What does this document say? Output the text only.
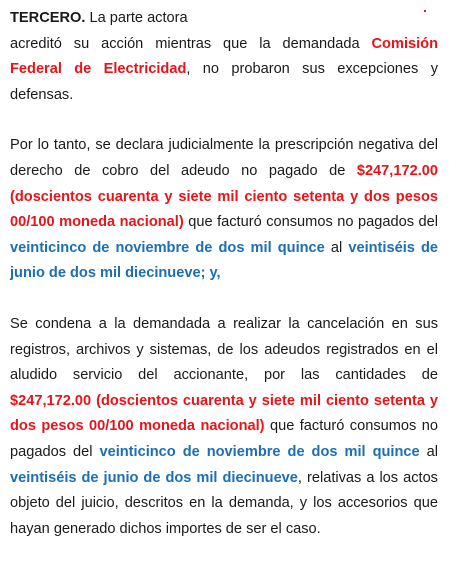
TERCERO. La parte actora
acreditó su acción mientras que la demandada Comisión Federal de Electricidad, no probaron sus excepciones y defensas.

Por lo tanto, se declara judicialmente la prescripción negativa del derecho de cobro del adeudo no pagado de $247,172.00 (doscientos cuarenta y siete mil ciento setenta y dos pesos 00/100 moneda nacional) que facturó consumos no pagados del veinticinco de noviembre de dos mil quince al veintiséis de junio de dos mil diecinueve; y,

Se condena a la demandada a realizar la cancelación en sus registros, archivos y sistemas, de los adeudos registrados en el aludido servicio del accionante, por las cantidades de $247,172.00 (doscientos cuarenta y siete mil ciento setenta y dos pesos 00/100 moneda nacional) que facturó consumos no pagados del veinticinco de noviembre de dos mil quince al veintiséis de junio de dos mil diecinueve, relativas a los actos objeto del juicio, descritos en la demanda, y los accesorios que hayan generado dichos importes de ser el caso.
